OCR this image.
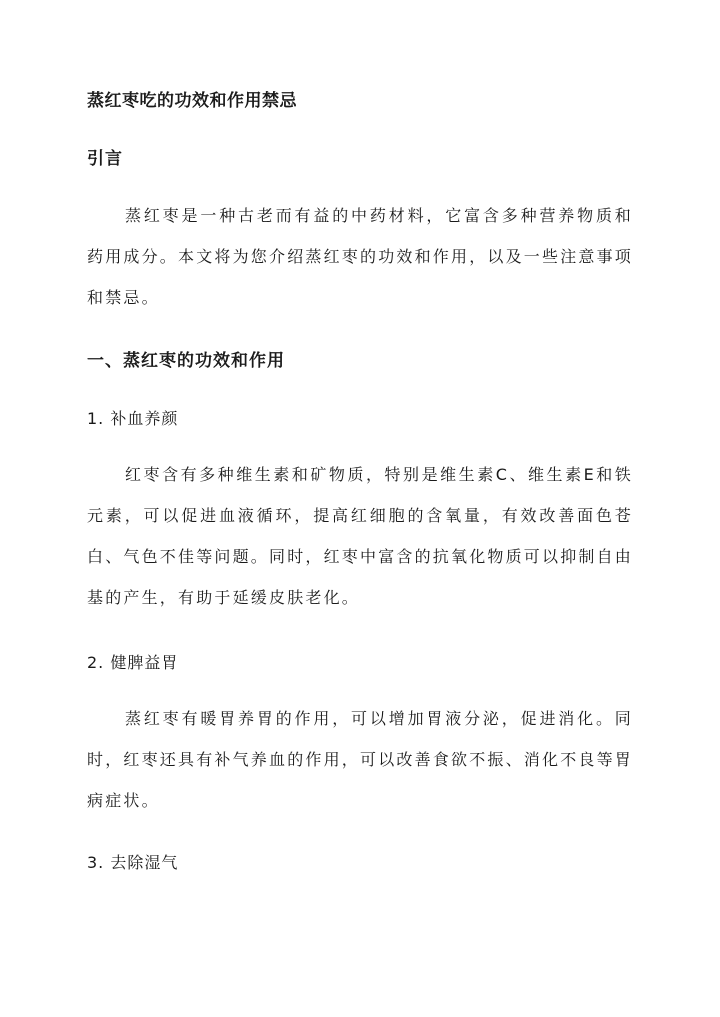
蒸红枣吃的功效和作用禁忌
引言
蒸红枣是一种古老而有益的中药材料，它富含多种营养物质和药用成分。本文将为您介绍蒸红枣的功效和作用，以及一些注意事项和禁忌。
一、蒸红枣的功效和作用
1. 补血养颜
红枣含有多种维生素和矿物质，特别是维生素C、维生素E和铁元素，可以促进血液循环，提高红细胞的含氧量，有效改善面色苍白、气色不佳等问题。同时，红枣中富含的抗氧化物质可以抑制自由基的产生，有助于延缓皮肤老化。
2. 健脾益胃
蒸红枣有暖胃养胃的作用，可以增加胃液分泌，促进消化。同时，红枣还具有补气养血的作用，可以改善食欲不振、消化不良等胃病症状。
3. 去除湿气
